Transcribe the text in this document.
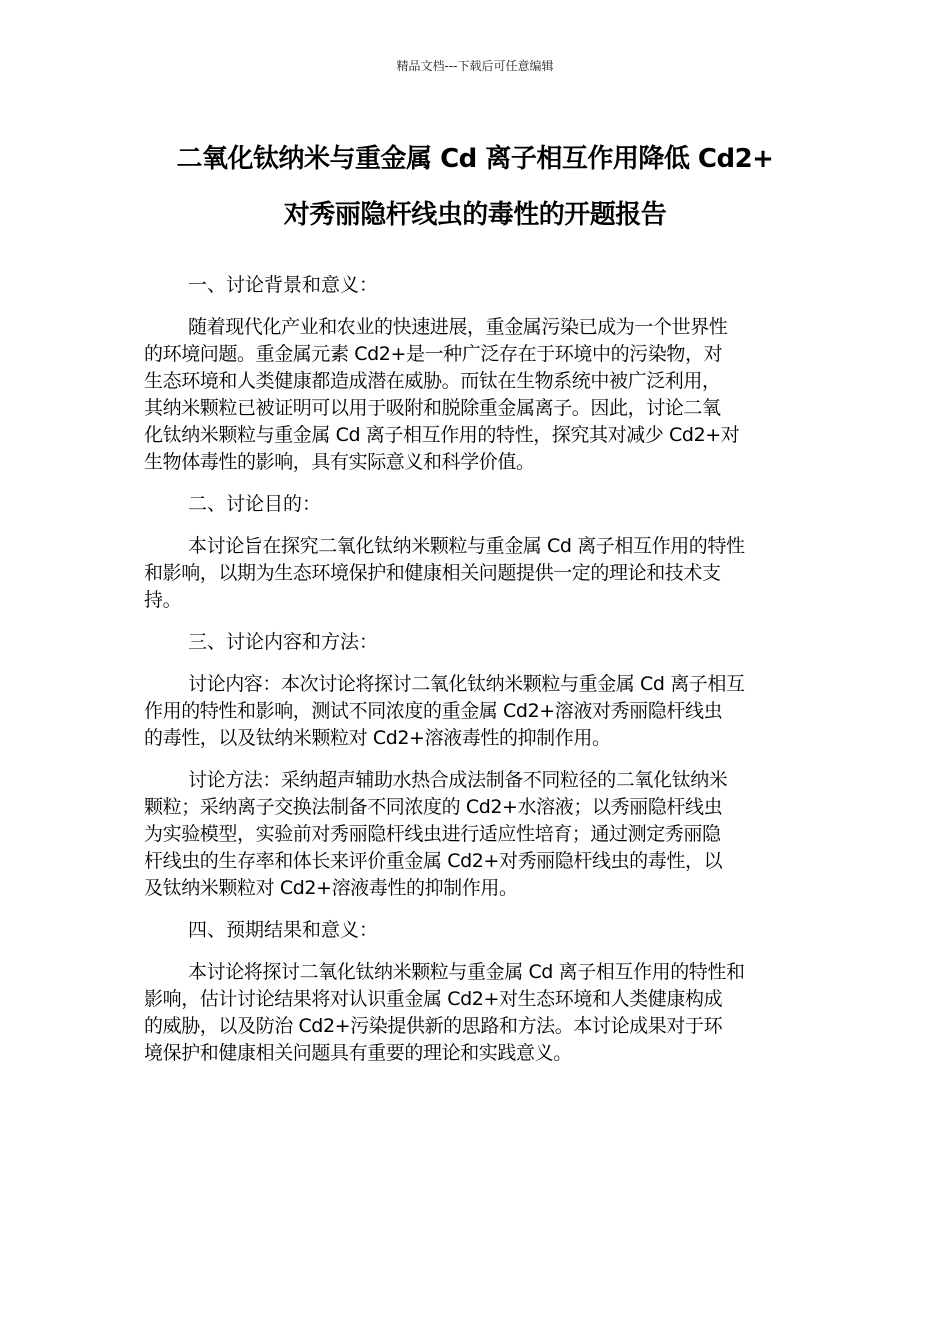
精品文档---下载后可任意编辑
二氧化钛纳米与重金属 Cd 离子相互作用降低 Cd2+
对秀丽隐杆线虫的毒性的开题报告

一、讨论背景和意义：

随着现代化产业和农业的快速进展，重金属污染已成为一个世界性
的环境问题。重金属元素 Cd2+是一种广泛存在于环境中的污染物，对
生态环境和人类健康都造成潜在威胁。而钛在生物系统中被广泛利用，
其纳米颗粒已被证明可以用于吸附和脱除重金属离子。因此，讨论二氧
化钛纳米颗粒与重金属 Cd 离子相互作用的特性，探究其对减少 Cd2+对
生物体毒性的影响，具有实际意义和科学价值。

二、讨论目的：

本讨论旨在探究二氧化钛纳米颗粒与重金属 Cd 离子相互作用的特性
和影响，以期为生态环境保护和健康相关问题提供一定的理论和技术支
持。

三、讨论内容和方法：

讨论内容：本次讨论将探讨二氧化钛纳米颗粒与重金属 Cd 离子相互
作用的特性和影响，测试不同浓度的重金属 Cd2+溶液对秀丽隐杆线虫
的毒性，以及钛纳米颗粒对 Cd2+溶液毒性的抑制作用。

讨论方法：采纳超声辅助水热合成法制备不同粒径的二氧化钛纳米
颗粒；采纳离子交换法制备不同浓度的 Cd2+水溶液；以秀丽隐杆线虫
为实验模型，实验前对秀丽隐杆线虫进行适应性培育；通过测定秀丽隐
杆线虫的生存率和体长来评价重金属 Cd2+对秀丽隐杆线虫的毒性，以
及钛纳米颗粒对 Cd2+溶液毒性的抑制作用。

四、预期结果和意义：

本讨论将探讨二氧化钛纳米颗粒与重金属 Cd 离子相互作用的特性和
影响，估计讨论结果将对认识重金属 Cd2+对生态环境和人类健康构成
的威胁，以及防治 Cd2+污染提供新的思路和方法。本讨论成果对于环
境保护和健康相关问题具有重要的理论和实践意义。
